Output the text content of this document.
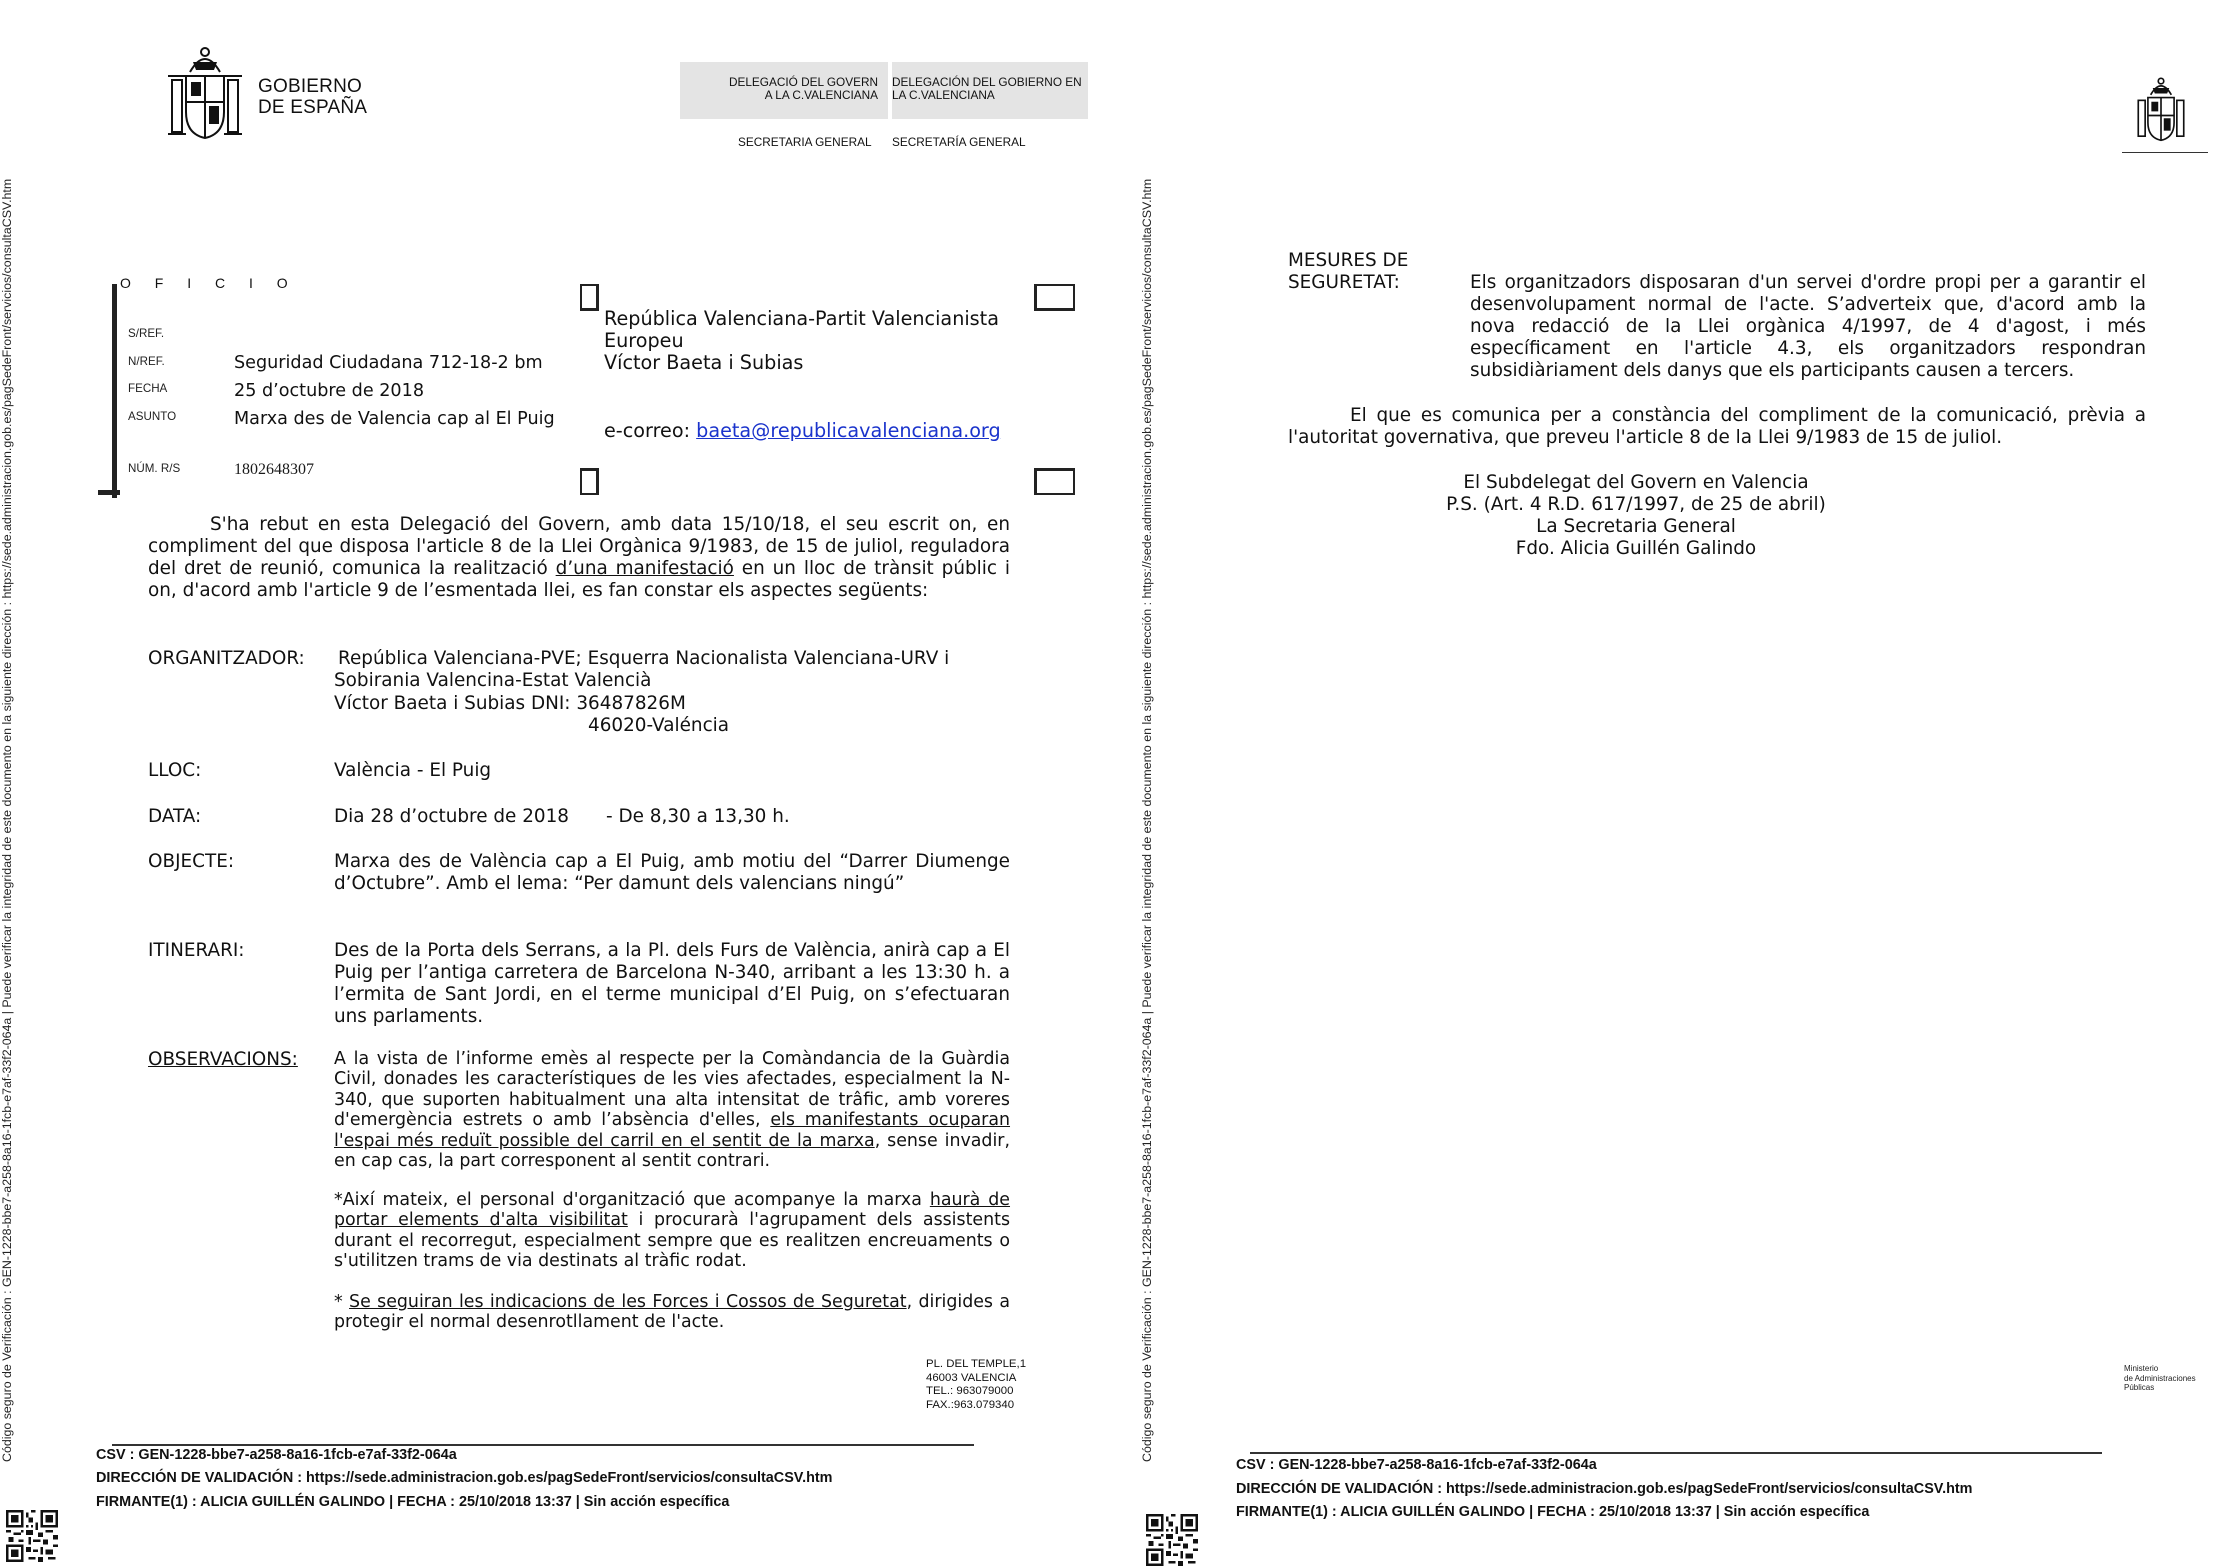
Código seguro de Verificación : GEN-1228-bbe7-a258-8a16-1fcb-e7af-33f2-064a | Puede verificar la integridad de este documento en la siguiente dirección : https://sede.administracion.gob.es/pagSedeFront/servicios/consultaCSV.htm
GOBIERNO
DE ESPAÑA
DELEGACIÓ DEL GOVERN
A LA C.VALENCIANA
DELEGACIÓN DEL GOBIERNO EN
LA C.VALENCIANA
SECRETARIA GENERAL SECRETARÍA GENERAL
O F I C I O
S/REF.
N/REF.	Seguridad Ciudadana 712-18-2 bm
FECHA	25 d’octubre de 2018
ASUNTO	Marxa des de Valencia cap al El Puig
NÚM. R/S	1802648307
República Valenciana-Partit Valencianista
Europeu
Víctor Baeta i Subias
e-correo: baeta@republicavalenciana.org
S'ha rebut en esta Delegació del Govern, amb data 15/10/18, el seu escrit on, en compliment del que disposa l'article 8 de la Llei Orgànica 9/1983, de 15 de juliol, reguladora del dret de reunió, comunica la realització d’una manifestació en un lloc de trànsit públic i on, d'acord amb l'article 9 de l’esmentada llei, es fan constar els aspectes següents:
ORGANITZADOR: República Valenciana-PVE; Esquerra Nacionalista Valenciana-URV i
Sobirania Valencina-Estat Valencià
Víctor Baeta i Subias DNI: 36487826M
46020-Valéncia
LLOC:	València - El Puig
DATA:	Dia 28 d’octubre de 2018 - De 8,30 a 13,30 h.
OBJECTE:	Marxa des de València cap a El Puig, amb motiu del “Darrer Diumenge d’Octubre”. Amb el lema: “Per damunt dels valencians ningú”
ITINERARI:	Des de la Porta dels Serrans, a la Pl. dels Furs de València, anirà cap a El Puig per l’antiga carretera de Barcelona N-340, arribant a les 13:30 h. a l’ermita de Sant Jordi, en el terme municipal d’El Puig, on s’efectuaran uns parlaments.
OBSERVACIONS: A la vista de l’informe emès al respecte per la Comàndancia de la Guàrdia Civil, donades les característiques de les vies afectades, especialment la N-340, que suporten habitualment una alta intensitat de trâfic, amb voreres d'emergència estrets o amb l’absència d'elles, els manifestants ocuparan l'espai més reduït possible del carril en el sentit de la marxa, sense invadir, en cap cas, la part corresponent al sentit contrari.
*Així mateix, el personal d'organització que acompanye la marxa haurà de portar elements d'alta visibilitat i procurarà l'agrupament dels assistents durant el recorregut, especialment sempre que es realitzen encreuaments o s'utilitzen trams de via destinats al tràfic rodat.
* Se seguiran les indicacions de les Forces i Cossos de Seguretat, dirigides a protegir el normal desenrotllament de l'acte.
PL. DEL TEMPLE,1
46003 VALENCIA
TEL.: 963079000
FAX.:963.079340
CSV : GEN-1228-bbe7-a258-8a16-1fcb-e7af-33f2-064a
DIRECCIÓN DE VALIDACIÓN : https://sede.administracion.gob.es/pagSedeFront/servicios/consultaCSV.htm
FIRMANTE(1) : ALICIA GUILLÉN GALINDO | FECHA : 25/10/2018 13:37 | Sin acción específica
Código seguro de Verificación : GEN-1228-bbe7-a258-8a16-1fcb-e7af-33f2-064a | Puede verificar la integridad de este documento en la siguiente dirección : https://sede.administracion.gob.es/pagSedeFront/servicios/consultaCSV.htm	MESURES DE
SEGURETAT:	Els organitzadors disposaran d'un servei d'ordre propi per a garantir el desenvolupament normal de l'acte. S’adverteix que, d'acord amb la nova redacció de la Llei orgànica 4/1997, de 4 d'agost, i més específicament en l'article 4.3, els organitzadors respondran subsidiàriament dels danys que els participants causen a tercers.
El que es comunica per a constància del compliment de la comunicació, prèvia a l'autoritat governativa, que preveu l'article 8 de la Llei 9/1983 de 15 de juliol.
El Subdelegat del Govern en Valencia
P.S. (Art. 4 R.D. 617/1997, de 25 de abril)
La Secretaria General
Fdo. Alicia Guillén Galindo
Ministerio
de Administraciones
Públicas
CSV : GEN-1228-bbe7-a258-8a16-1fcb-e7af-33f2-064a
DIRECCIÓN DE VALIDACIÓN : https://sede.administracion.gob.es/pagSedeFront/servicios/consultaCSV.htm
FIRMANTE(1) : ALICIA GUILLÉN GALINDO | FECHA : 25/10/2018 13:37 | Sin acción específica
